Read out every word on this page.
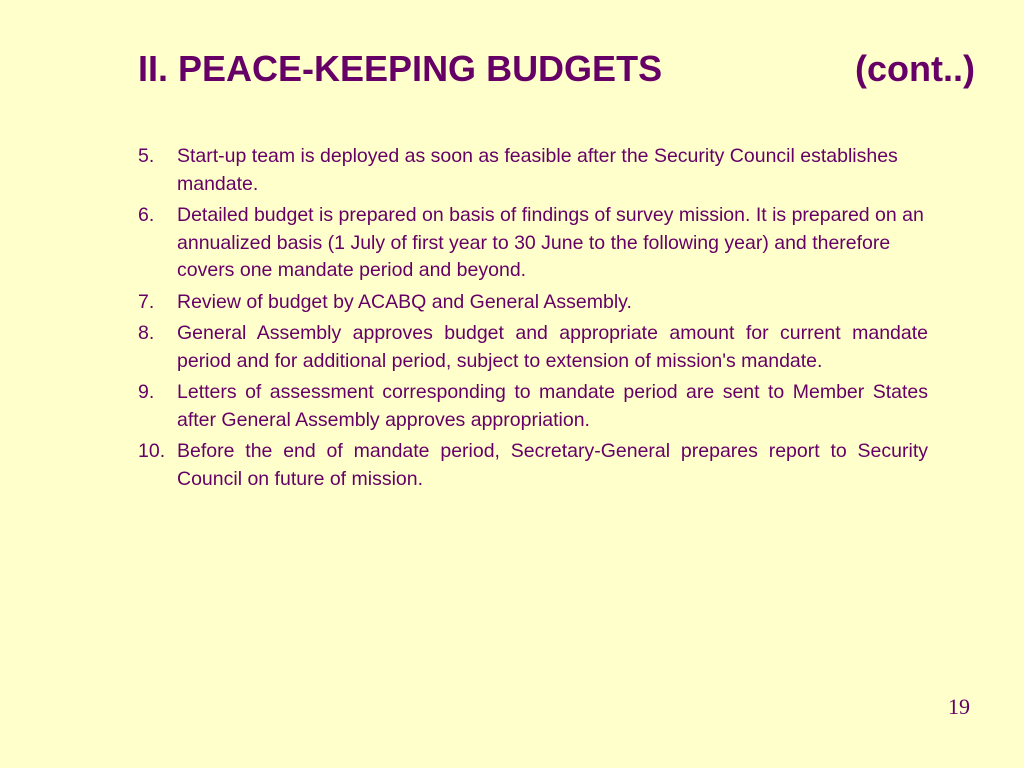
II. PEACE-KEEPING BUDGETS	(cont..)
5. Start-up team is deployed as soon as feasible after the Security Council establishes mandate.
6. Detailed budget is prepared on basis of findings of survey mission. It is prepared on an annualized basis (1 July of first year to 30 June to the following year) and therefore covers one mandate period and beyond.
7. Review of budget by ACABQ and General Assembly.
8. General Assembly approves budget and appropriate amount for current mandate period and for additional period, subject to extension of mission's mandate.
9. Letters of assessment corresponding to mandate period are sent to Member States after General Assembly approves appropriation.
10. Before the end of mandate period, Secretary-General prepares report to Security Council on future of mission.
19
